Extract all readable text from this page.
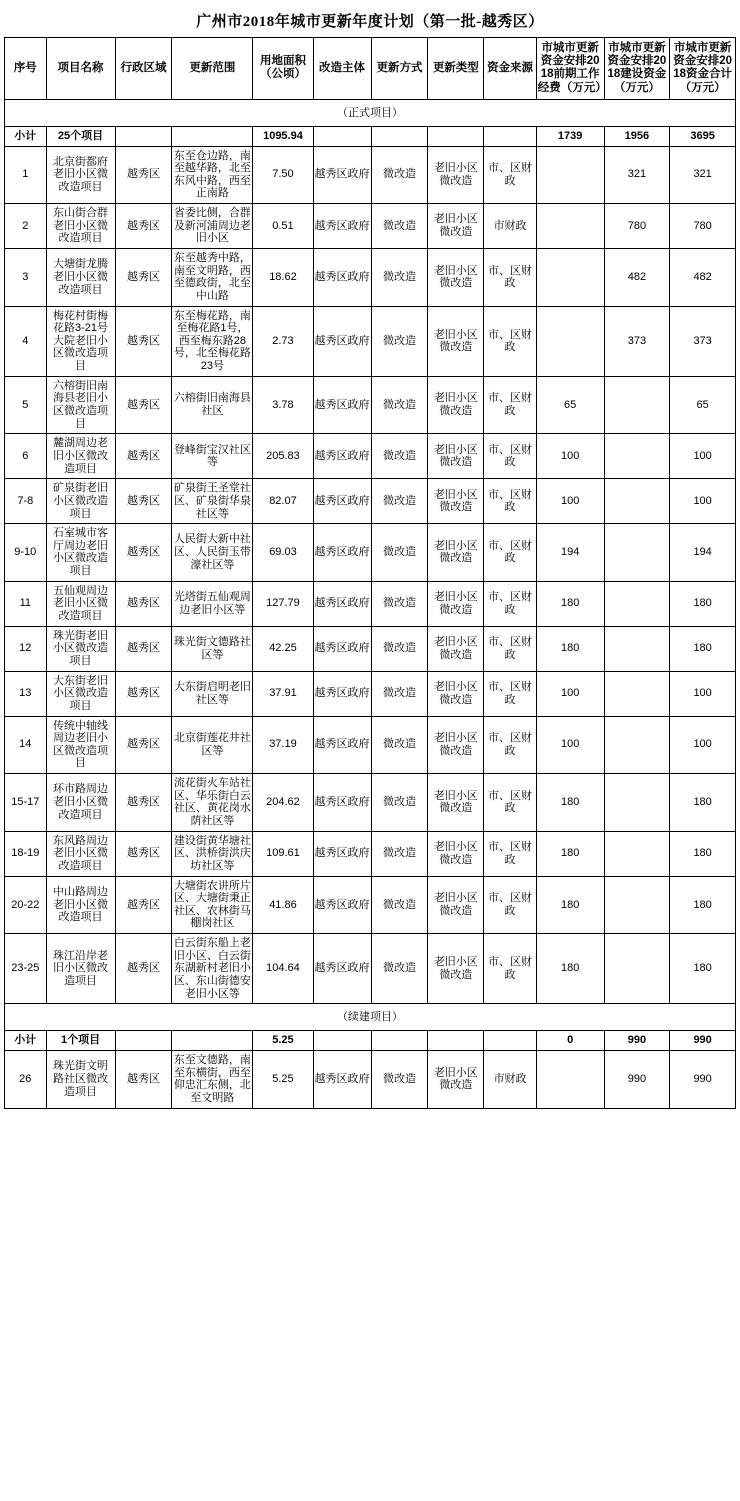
广州市2018年城市更新年度计划（第一批-越秀区）
序号	项目名称	行政区域	更新范围	用地面积（公顷）	改造主体	更新方式	更新类型	资金来源	市城市更新资金安排2018前期工作经费（万元）	市城市更新资金安排2018建设资金（万元）	市城市更新资金安排2018资金合计（万元）
（正式项目）											
小计	25个项目			1095.94					1739	1956	3695
1	北京街都府老旧小区微改造项目	越秀区	东至仓边路，南至越华路，北至东风中路，西至正南路	7.50	越秀区政府	微改造	老旧小区微改造	市、区财政		321	321
2	东山街合群老旧小区微改造项目	越秀区	省委比侧，合群及新河浦周边老旧小区	0.51	越秀区政府	微改造	老旧小区微改造	市财政		780	780
3	大塘街龙腾老旧小区微改造项目	越秀区	东至越秀中路，南至文明路，西至德政街，北至中山路	18.62	越秀区政府	微改造	老旧小区微改造	市、区财政		482	482
4	梅花村街梅花路3-21号大院老旧小区微改造项目	越秀区	东至梅花路，南至梅花路1号，西至梅东路28号，北至梅花路23号	2.73	越秀区政府	微改造	老旧小区微改造	市、区财政		373	373
5	六榕街旧南海县老旧小区微改造项目	越秀区	六榕街旧南海县社区	3.78	越秀区政府	微改造	老旧小区微改造	市、区财政	65		65
6	麓湖周边老旧小区微改造项目	越秀区	登峰街宝汉社区等	205.83	越秀区政府	微改造	老旧小区微改造	市、区财政	100		100
7-8	矿泉街老旧小区微改造项目	越秀区	矿泉街王圣堂社区、矿泉街华泉社区等	82.07	越秀区政府	微改造	老旧小区微改造	市、区财政	100		100
9-10	石室城市客厅周边老旧小区微改造项目	越秀区	人民街大新中社区、人民街玉带濠社区等	69.03	越秀区政府	微改造	老旧小区微改造	市、区财政	194		194
11	五仙观周边老旧小区微改造项目	越秀区	光塔街五仙观周边老旧小区等	127.79	越秀区政府	微改造	老旧小区微改造	市、区财政	180		180
12	珠光街老旧小区微改造项目	越秀区	珠光街文德路社区等	42.25	越秀区政府	微改造	老旧小区微改造	市、区财政	180		180
13	大东街老旧小区微改造项目	越秀区	大东街启明老旧社区等	37.91	越秀区政府	微改造	老旧小区微改造	市、区财政	100		100
14	传统中轴线周边老旧小区微改造项目	越秀区	北京街莲花井社区等	37.19	越秀区政府	微改造	老旧小区微改造	市、区财政	100		100
15-17	环市路周边老旧小区微改造项目	越秀区	流花街火车站社区、华乐街白云社区、黄花岗水荫社区等	204.62	越秀区政府	微改造	老旧小区微改造	市、区财政	180		180
18-19	东风路周边老旧小区微改造项目	越秀区	建设街黄华塘社区、洪桥街洪庆坊社区等	109.61	越秀区政府	微改造	老旧小区微改造	市、区财政	180		180
20-22	中山路周边老旧小区微改造项目	越秀区	大塘街农讲所片区、大塘街秉正社区、农林街马棚岗社区	41.86	越秀区政府	微改造	老旧小区微改造	市、区财政	180		180
23-25	珠江沿岸老旧小区微改造项目	越秀区	白云街东船上老旧小区、白云街东湖新村老旧小区、东山街德安老旧小区等	104.64	越秀区政府	微改造	老旧小区微改造	市、区财政	180		180
（续建项目）											
小计	1个项目			5.25					0	990	990
26	珠光街文明路社区微改造项目	越秀区	东至文德路，南至东横街，西至仰忠汇东侧，北至文明路	5.25	越秀区政府	微改造	老旧小区微改造	市财政		990	990
